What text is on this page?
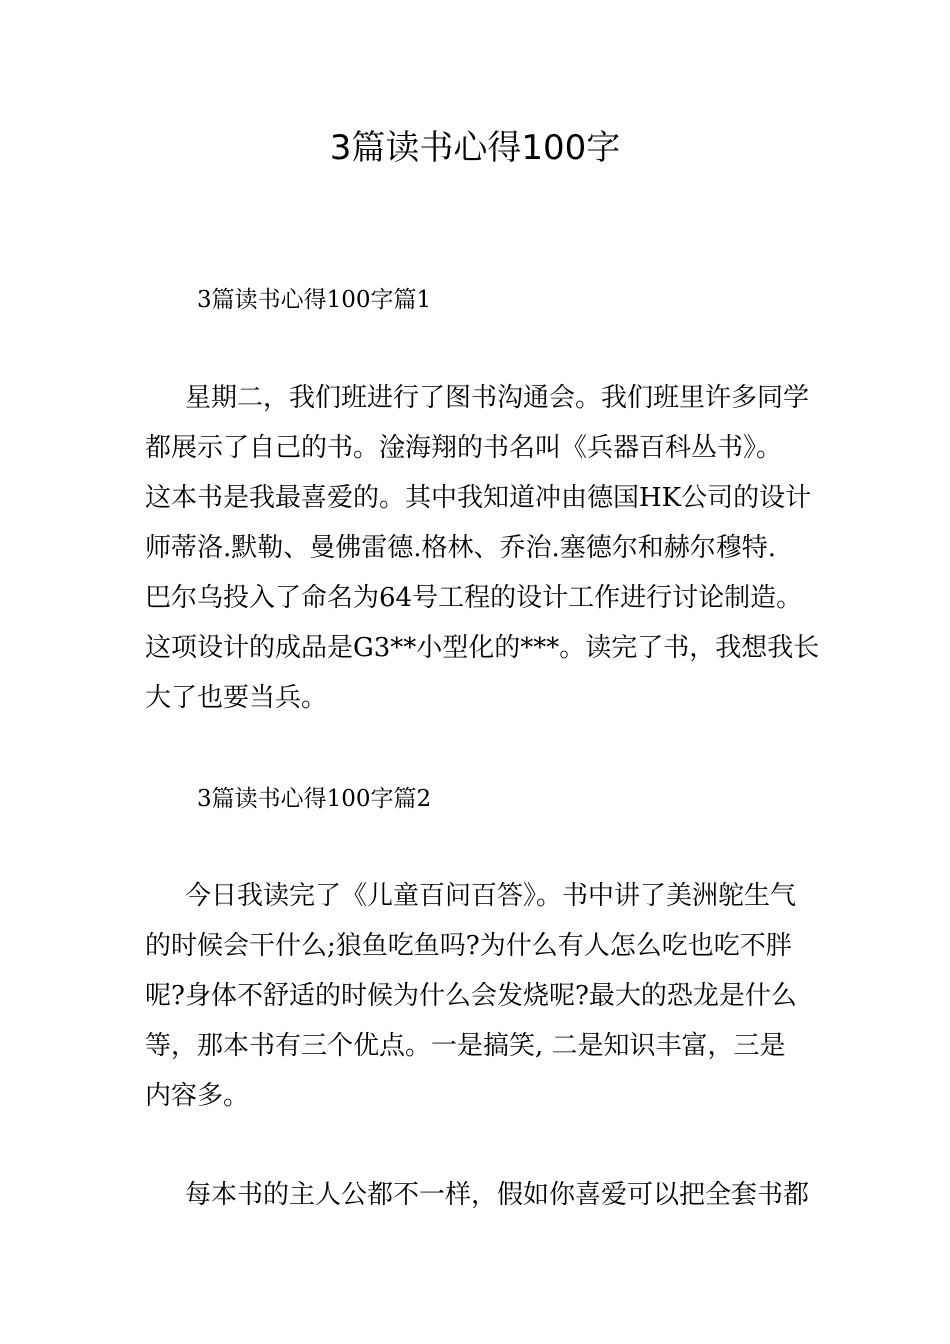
3篇读书心得100字
3篇读书心得100字篇1
星期二，我们班进行了图书沟通会。我们班里许多同学
都展示了自己的书。淦海翔的书名叫《兵器百科丛书》。
这本书是我最喜爱的。其中我知道冲由德国HK公司的设计
师蒂洛.默勒、曼佛雷德.格林、乔治.塞德尔和赫尔穆特.
巴尔乌投入了命名为64号工程的设计工作进行讨论制造。
这项设计的成品是G3**小型化的***。读完了书，我想我长
大了也要当兵。
3篇读书心得100字篇2
今日我读完了《儿童百问百答》。书中讲了美洲鸵生气
的时候会干什么;狼鱼吃鱼吗?为什么有人怎么吃也吃不胖
呢?身体不舒适的时候为什么会发烧呢?最大的恐龙是什么
等，那本书有三个优点。一是搞笑, 二是知识丰富，三是
内容多。
每本书的主人公都不一样，假如你喜爱可以把全套书都
